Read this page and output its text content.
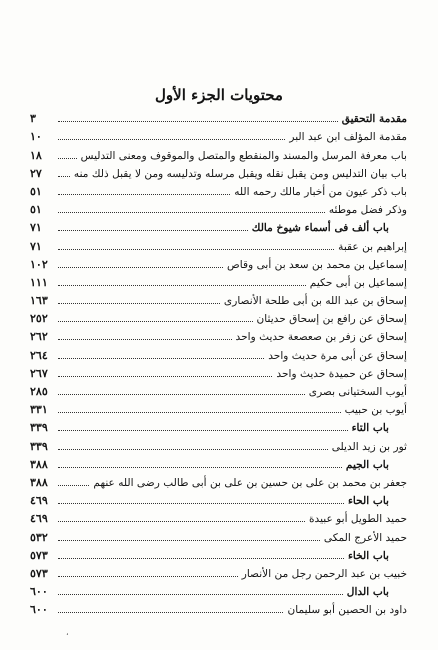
محتويات الجزء الأول
مقدمة التحقيق
٣
مقدمة المؤلف ابن عبد البر
١٠
باب معرفة المرسل والمسند والمنقطع والمتصل والموقوف ومعنى التدليس
١٨
باب بيان التدليس ومن يقبل نقله ويقبل مرسله وتدليسه ومن لا يقبل ذلك منه
٢٧
باب ذكر عيون من أخبار مالك رحمه الله
٥١
وذكر فضل موطئه
٥١
باب ألف فى أسماء شيوخ مالك
٧١
إبراهيم بن عقبة
٧١
إسماعيل بن محمد بن سعد بن أبى وقاص
١٠٢
إسماعيل بن أبى حكيم
١١١
إسحاق بن عبد الله بن أبى طلحة الأنصارى
١٦٣
إسحاق عن رافع بن إسحاق حديثان
٢٥٢
إسحاق عن زفر بن صعصعة حديث واحد
٢٦٢
إسحاق عن أبى مرة حديث واحد
٢٦٤
إسحاق عن حميدة حديث واحد
٢٦٧
أيوب السختيانى بصرى
٢٨٥
أيوب بن حبيب
٣٣١
باب التاء
٣٣٩
ثور بن زيد الديلى
٣٣٩
باب الجيم
٣٨٨
جعفر بن محمد بن على بن حسين بن على بن أبى طالب رضى الله عنهم
٣٨٨
باب الحاء
٤٦٩
حميد الطويل أبو عبيدة
٤٦٩
حميد الأعرج المكى
٥٣٢
باب الخاء
٥٧٣
خبيب بن عبد الرحمن رجل من الأنصار
٥٧٣
باب الدال
٦٠٠
داود بن الحصين أبو سليمان
٦٠٠
،
